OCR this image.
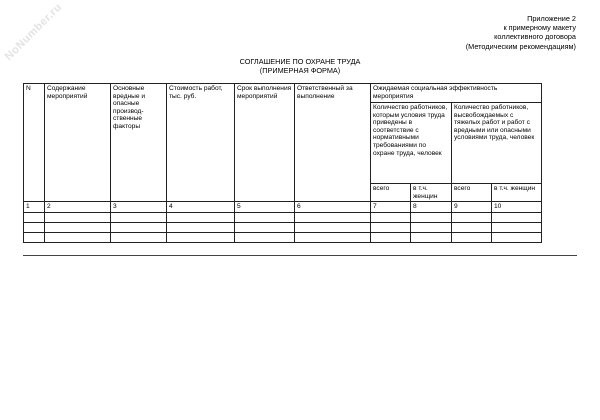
NoNumber.ru	Приложение 2
к примерному макету
коллективного договора
(Методическим рекомендациям)
СОГЛАШЕНИЕ ПО ОХРАНЕ ТРУДА
(ПРИМЕРНАЯ ФОРМА)
N	Содержание мероприятий	Основные вредные и опасные производ-ственные факторы	Стоимость работ, тыс. руб.	Срок выполнения мероприятий	Ответственный за выполнение	Ожидаемая социальная эффективность мероприятия			
						Количество работников, которым условия труда приведены в соответствие с нормативными требованиями по охране труда, человек		Количество работников, высвобождаемых с тяжелых работ и работ с вредными или опасными условиями труда, человек	
						всего	в т.ч. женщин	всего	в т.ч. женщин
1	2	3	4	5	6	7	8	9	10
